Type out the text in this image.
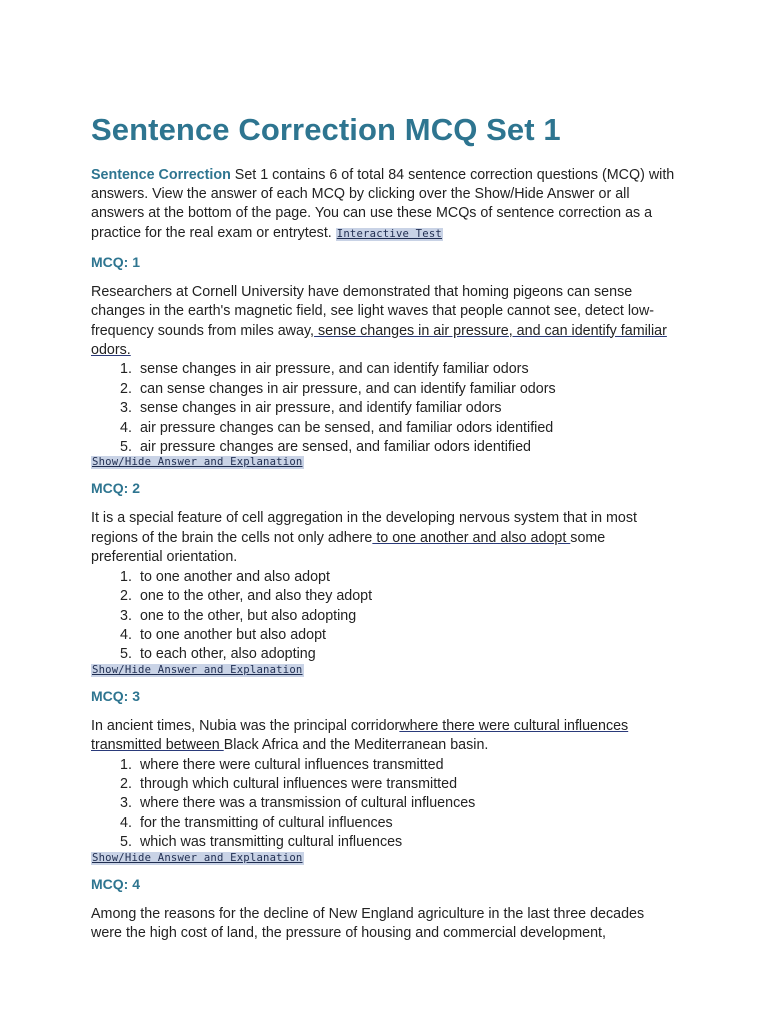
Sentence Correction MCQ Set 1
Sentence Correction Set 1 contains 6 of total 84 sentence correction questions (MCQ) with answers. View the answer of each MCQ by clicking over the Show/Hide Answer or all answers at the bottom of the page. You can use these MCQs of sentence correction as a practice for the real exam or entrytest. Interactive Test
MCQ: 1
Researchers at Cornell University have demonstrated that homing pigeons can sense changes in the earth's magnetic field, see light waves that people cannot see, detect low-frequency sounds from miles away, sense changes in air pressure, and can identify familiar odors.
1. sense changes in air pressure, and can identify familiar odors
2. can sense changes in air pressure, and can identify familiar odors
3. sense changes in air pressure, and identify familiar odors
4. air pressure changes can be sensed, and familiar odors identified
5. air pressure changes are sensed, and familiar odors identified
Show/Hide Answer and Explanation
MCQ: 2
It is a special feature of cell aggregation in the developing nervous system that in most regions of the brain the cells not only adhere to one another and also adopt some preferential orientation.
1. to one another and also adopt
2. one to the other, and also they adopt
3. one to the other, but also adopting
4. to one another but also adopt
5. to each other, also adopting
Show/Hide Answer and Explanation
MCQ: 3
In ancient times, Nubia was the principal corridorwhere there were cultural influences transmitted between Black Africa and the Mediterranean basin.
1. where there were cultural influences transmitted
2. through which cultural influences were transmitted
3. where there was a transmission of cultural influences
4. for the transmitting of cultural influences
5. which was transmitting cultural influences
Show/Hide Answer and Explanation
MCQ: 4
Among the reasons for the decline of New England agriculture in the last three decades were the high cost of land, the pressure of housing and commercial development,
